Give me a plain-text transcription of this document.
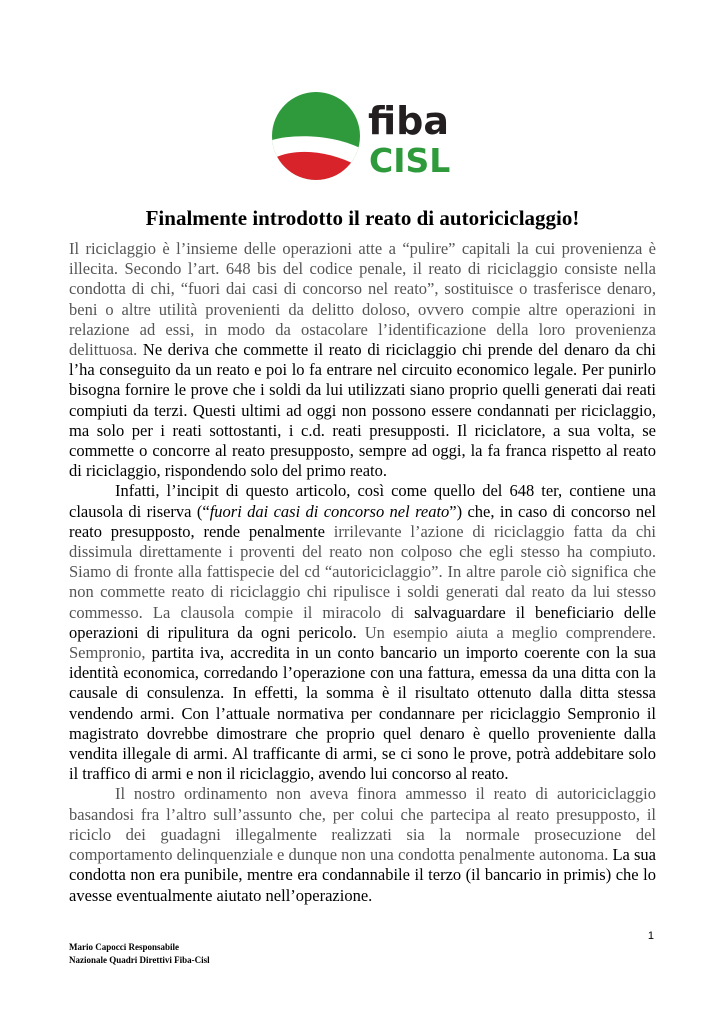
fiba
CISL
Finalmente introdotto il reato di autoriciclaggio!

Il riciclaggio è l’insieme delle operazioni atte a “pulire” capitali la cui provenienza è illecita. Secondo l’art. 648 bis del codice penale, il reato di riciclaggio consiste nella condotta di chi, “fuori dai casi di concorso nel reato”, sostituisce o trasferisce denaro, beni o altre utilità provenienti da delitto doloso, ovvero compie altre operazioni in relazione ad essi, in modo da ostacolare l’identificazione della loro provenienza delittuosa. Ne deriva che commette il reato di riciclaggio chi prende del denaro da chi l’ha conseguito da un reato e poi lo fa entrare nel circuito economico legale. Per punirlo bisogna fornire le prove che i soldi da lui utilizzati siano proprio quelli generati dai reati compiuti da terzi. Questi ultimi ad oggi non possono essere condannati per riciclaggio, ma solo per i reati sottostanti, i c.d. reati presupposti. Il riciclatore, a sua volta, se commette o concorre al reato presupposto, sempre ad oggi, la fa franca rispetto al reato di riciclaggio, rispondendo solo del primo reato.

Infatti, l’incipit di questo articolo, così come quello del 648 ter, contiene una clausola di riserva (“fuori dai casi di concorso nel reato”) che, in caso di concorso nel reato presupposto, rende penalmente irrilevante l’azione di riciclaggio fatta da chi dissimula direttamente i proventi del reato non colposo che egli stesso ha compiuto. Siamo di fronte alla fattispecie del cd “autoriciclaggio”. In altre parole ciò significa che non commette reato di riciclaggio chi ripulisce i soldi generati dal reato da lui stesso commesso. La clausola compie il miracolo di salvaguardare il beneficiario delle operazioni di ripulitura da ogni pericolo. Un esempio aiuta a meglio comprendere. Sempronio, partita iva, accredita in un conto bancario un importo coerente con la sua identità economica, corredando l’operazione con una fattura, emessa da una ditta con la causale di consulenza. In effetti, la somma è il risultato ottenuto dalla ditta stessa vendendo armi. Con l’attuale normativa per condannare per riciclaggio Sempronio il magistrato dovrebbe dimostrare che proprio quel denaro è quello proveniente dalla vendita illegale di armi. Al trafficante di armi, se ci sono le prove, potrà addebitare solo il traffico di armi e non il riciclaggio, avendo lui concorso al reato.

Il nostro ordinamento non aveva finora ammesso il reato di autoriciclaggio basandosi fra l’altro sull’assunto che, per colui che partecipa al reato presupposto, il riciclo dei guadagni illegalmente realizzati sia la normale prosecuzione del comportamento delinquenziale e dunque non una condotta penalmente autonoma. La sua condotta non era punibile, mentre era condannabile il terzo (il bancario in primis) che lo avesse eventualmente aiutato nell’operazione.

1
Mario Capocci Responsabile
Nazionale Quadri Direttivi Fiba-Cisl
